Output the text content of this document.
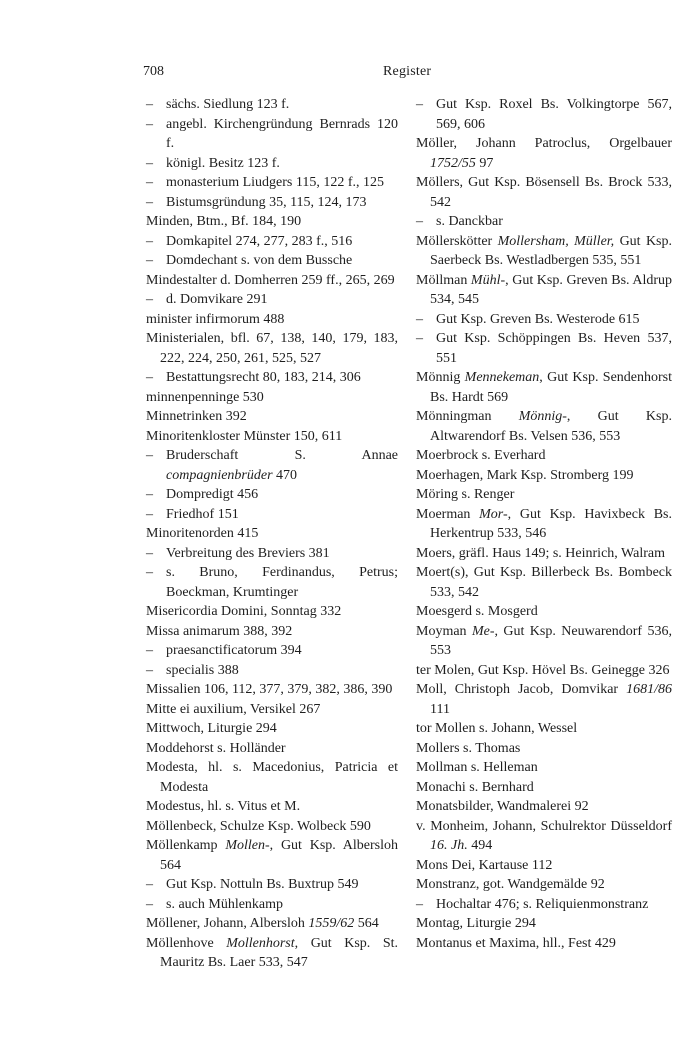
708	Register

– sächs. Siedlung 123 f.

– angebl. Kirchengründung Bernrads 120 f.

– königl. Besitz 123 f.

– monasterium Liudgers 115, 122 f., 125

– Bistumsgründung 35, 115, 124, 173

Minden, Btm., Bf. 184, 190

– Domkapitel 274, 277, 283 f., 516

– Domdechant s. von dem Bussche

Mindestalter d. Domherren 259 ff., 265, 269

– d. Domvikare 291

minister infirmorum 488

Ministerialen, bfl. 67, 138, 140, 179, 183, 222, 224, 250, 261, 525, 527

– Bestattungsrecht 80, 183, 214, 306

minnenpenninge 530

Minnetrinken 392

Minoritenkloster Münster 150, 611

– Bruderschaft S. Annae compagnienbrüder 470

– Dompredigt 456

– Friedhof 151

Minoritenorden 415

– Verbreitung des Breviers 381

– s. Bruno, Ferdinandus, Petrus; Boeckman, Krumtinger

Misericordia Domini, Sonntag 332

Missa animarum 388, 392

– praesanctificatorum 394

– specialis 388

Missalien 106, 112, 377, 379, 382, 386, 390

Mitte ei auxilium, Versikel 267

Mittwoch, Liturgie 294

Moddehorst s. Holländer

Modesta, hl. s. Macedonius, Patricia et Modesta

Modestus, hl. s. Vitus et M.

Möllenbeck, Schulze Ksp. Wolbeck 590

Möllenkamp Mollen-, Gut Ksp. Albersloh 564

– Gut Ksp. Nottuln Bs. Buxtrup 549

– s. auch Mühlenkamp

Möllener, Johann, Albersloh 1559/62 564

Möllenhove Mollenhorst, Gut Ksp. St. Mauritz Bs. Laer 533, 547

– Gut Ksp. Roxel Bs. Volkingtorpe 567, 569, 606

Möller, Johann Patroclus, Orgelbauer 1752/55 97

Möllers, Gut Ksp. Bösensell Bs. Brock 533, 542

– s. Danckbar

Möllerskötter Mollersham, Müller, Gut Ksp. Saerbeck Bs. Westladbergen 535, 551

Möllman Mühl-, Gut Ksp. Greven Bs. Aldrup 534, 545

– Gut Ksp. Greven Bs. Westerode 615

– Gut Ksp. Schöppingen Bs. Heven 537, 551

Mönnig Mennekeman, Gut Ksp. Sendenhorst Bs. Hardt 569

Mönningman Mönnig-, Gut Ksp. Altwarendorf Bs. Velsen 536, 553

Moerbrock s. Everhard

Moerhagen, Mark Ksp. Stromberg 199

Möring s. Renger

Moerman Mor-, Gut Ksp. Havixbeck Bs. Herkentrup 533, 546

Moers, gräfl. Haus 149; s. Heinrich, Walram

Moert(s), Gut Ksp. Billerbeck Bs. Bombeck 533, 542

Moesgerd s. Mosgerd

Moyman Me-, Gut Ksp. Neuwarendorf 536, 553

ter Molen, Gut Ksp. Hövel Bs. Geinegge 326

Moll, Christoph Jacob, Domvikar 1681/86 111

tor Mollen s. Johann, Wessel

Mollers s. Thomas

Mollman s. Helleman

Monachi s. Bernhard

Monatsbilder, Wandmalerei 92

v. Monheim, Johann, Schulrektor Düsseldorf 16. Jh. 494

Mons Dei, Kartause 112

Monstranz, got. Wandgemälde 92

– Hochaltar 476; s. Reliquienmonstranz

Montag, Liturgie 294

Montanus et Maxima, hll., Fest 429
